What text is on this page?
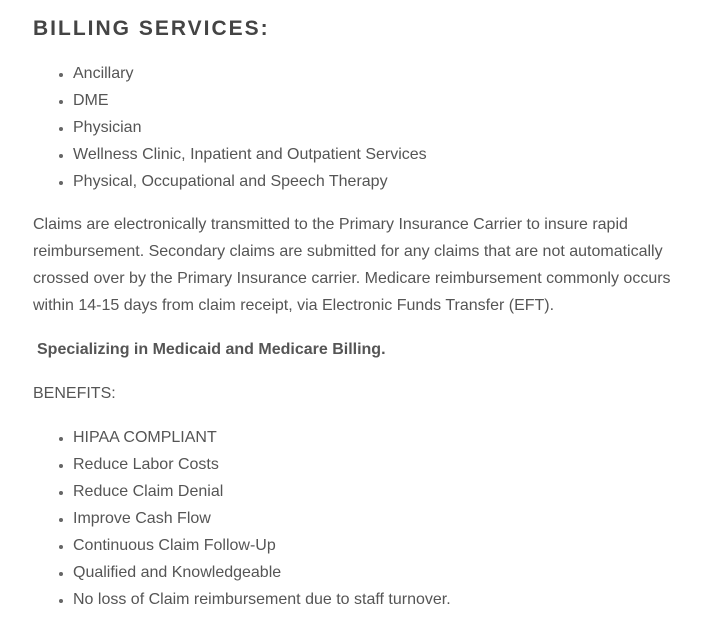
BILLING SERVICES:
• Ancillary
• DME
• Physician
• Wellness Clinic, Inpatient and Outpatient Services
• Physical, Occupational and Speech Therapy

Claims are electronically transmitted to the Primary Insurance Carrier to insure rapid reimbursement. Secondary claims are submitted for any claims that are not automatically crossed over by the Primary Insurance carrier. Medicare reimbursement commonly occurs within 14-15 days from claim receipt, via Electronic Funds Transfer (EFT).

Specializing in Medicaid and Medicare Billing.

BENEFITS:

• HIPAA COMPLIANT
• Reduce Labor Costs
• Reduce Claim Denial
• Improve Cash Flow
• Continuous Claim Follow-Up
• Qualified and Knowledgeable
• No loss of Claim reimbursement due to staff turnover.
